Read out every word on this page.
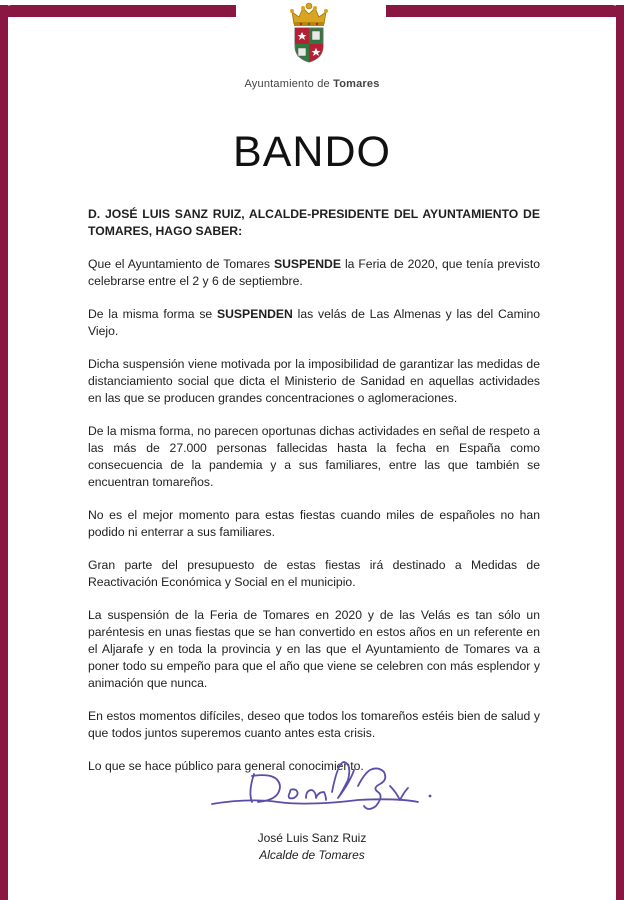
Ayuntamiento de Tomares
BANDO

D. JOSÉ LUIS SANZ RUIZ, ALCALDE-PRESIDENTE DEL AYUNTAMIENTO DE TOMARES, HAGO SABER:

Que el Ayuntamiento de Tomares SUSPENDE la Feria de 2020, que tenía previsto celebrarse entre el 2 y 6 de septiembre.

De la misma forma se SUSPENDEN las velás de Las Almenas y las del Camino Viejo.

Dicha suspensión viene motivada por la imposibilidad de garantizar las medidas de distanciamiento social que dicta el Ministerio de Sanidad en aquellas actividades en las que se producen grandes concentraciones o aglomeraciones.

De la misma forma, no parecen oportunas dichas actividades en señal de respeto a las más de 27.000 personas fallecidas hasta la fecha en España como consecuencia de la pandemia y a sus familiares, entre las que también se encuentran tomareños.

No es el mejor momento para estas fiestas cuando miles de españoles no han podido ni enterrar a sus familiares.

Gran parte del presupuesto de estas fiestas irá destinado a Medidas de Reactivación Económica y Social en el municipio.

La suspensión de la Feria de Tomares en 2020 y de las Velás es tan sólo un paréntesis en unas fiestas que se han convertido en estos años en un referente en el Aljarafe y en toda la provincia y en las que el Ayuntamiento de Tomares va a poner todo su empeño para que el año que viene se celebren con más esplendor y animación que nunca.

En estos momentos difíciles, deseo que todos los tomareños estéis bien de salud y que todos juntos superemos cuanto antes esta crisis.

Lo que se hace público para general conocimiento.

José Luis Sanz Ruiz
Alcalde de Tomares
